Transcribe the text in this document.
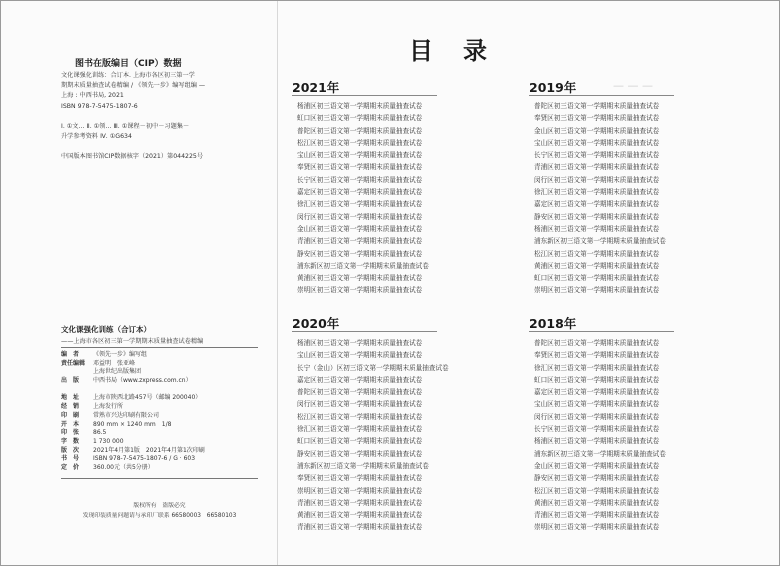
图书在版编目（CIP）数据
文化课强化训练：合订本. 上海市各区初三第一学
期期末质量抽查试卷精编 / 《领先一步》编写组编 —
上海 : 中西书局, 2021
ISBN 978-7-5475-1807-6
Ⅰ. ①文… Ⅱ. ①领… Ⅲ. ①课程－初中－习题集－
升学参考资料 Ⅳ. ①G634
中国版本图书馆CIP数据核字（2021）第044225号
文化课强化训练（合订本）
——上海市各区初三第一学期期末质量抽查试卷精编
编　者	《领先一步》编写组
责任编辑	邓益明　张亚峰
上海世纪出版集团
出　版	中西书局（www.zxpress.com.cn）
地　址	上海市陕西北路457号（邮编 200040）
经　销	上海发行所
印　刷	常熟市兴达印刷有限公司
开　本	890 mm × 1240 mm　1/8
印　张	86.5
字　数	1 730 000
版　次	2021年4月第1版　2021年4月第1次印刷
书　号	ISBN 978-7-5475-1807-6 / G · 603
定　价	360.00元（共5分册）
版权所有　盗版必究
发现印装质量问题请与承印厂联系 66580003　66580103
— — —
目录
2021年
杨浦区初三语文第一学期期末质量抽查试卷
虹口区初三语文第一学期期末质量抽查试卷
普陀区初三语文第一学期期末质量抽查试卷
松江区初三语文第一学期期末质量抽查试卷
宝山区初三语文第一学期期末质量抽查试卷
奉贤区初三语文第一学期期末质量抽查试卷
长宁区初三语文第一学期期末质量抽查试卷
嘉定区初三语文第一学期期末质量抽查试卷
徐汇区初三语文第一学期期末质量抽查试卷
闵行区初三语文第一学期期末质量抽查试卷
金山区初三语文第一学期期末质量抽查试卷
青浦区初三语文第一学期期末质量抽查试卷
静安区初三语文第一学期期末质量抽查试卷
浦东新区初三语文第一学期期末质量抽查试卷
黄浦区初三语文第一学期期末质量抽查试卷
崇明区初三语文第一学期期末质量抽查试卷
2019年
普陀区初三语文第一学期期末质量抽查试卷
奉贤区初三语文第一学期期末质量抽查试卷
金山区初三语文第一学期期末质量抽查试卷
宝山区初三语文第一学期期末质量抽查试卷
长宁区初三语文第一学期期末质量抽查试卷
青浦区初三语文第一学期期末质量抽查试卷
闵行区初三语文第一学期期末质量抽查试卷
徐汇区初三语文第一学期期末质量抽查试卷
嘉定区初三语文第一学期期末质量抽查试卷
静安区初三语文第一学期期末质量抽查试卷
杨浦区初三语文第一学期期末质量抽查试卷
浦东新区初三语文第一学期期末质量抽查试卷
松江区初三语文第一学期期末质量抽查试卷
黄浦区初三语文第一学期期末质量抽查试卷
虹口区初三语文第一学期期末质量抽查试卷
崇明区初三语文第一学期期末质量抽查试卷
2020年
杨浦区初三语文第一学期期末质量抽查试卷
宝山区初三语文第一学期期末质量抽查试卷
长宁（金山）区初三语文第一学期期末质量抽查试卷
嘉定区初三语文第一学期期末质量抽查试卷
普陀区初三语文第一学期期末质量抽查试卷
闵行区初三语文第一学期期末质量抽查试卷
松江区初三语文第一学期期末质量抽查试卷
徐汇区初三语文第一学期期末质量抽查试卷
虹口区初三语文第一学期期末质量抽查试卷
静安区初三语文第一学期期末质量抽查试卷
浦东新区初三语文第一学期期末质量抽查试卷
奉贤区初三语文第一学期期末质量抽查试卷
崇明区初三语文第一学期期末质量抽查试卷
青浦区初三语文第一学期期末质量抽查试卷
黄浦区初三语文第一学期期末质量抽查试卷
青浦区初三语文第一学期期末质量抽查试卷
2018年
普陀区初三语文第一学期期末质量抽查试卷
奉贤区初三语文第一学期期末质量抽查试卷
徐汇区初三语文第一学期期末质量抽查试卷
虹口区初三语文第一学期期末质量抽查试卷
嘉定区初三语文第一学期期末质量抽查试卷
宝山区初三语文第一学期期末质量抽查试卷
闵行区初三语文第一学期期末质量抽查试卷
长宁区初三语文第一学期期末质量抽查试卷
杨浦区初三语文第一学期期末质量抽查试卷
浦东新区初三语文第一学期期末质量抽查试卷
金山区初三语文第一学期期末质量抽查试卷
静安区初三语文第一学期期末质量抽查试卷
松江区初三语文第一学期期末质量抽查试卷
黄浦区初三语文第一学期期末质量抽查试卷
青浦区初三语文第一学期期末质量抽查试卷
崇明区初三语文第一学期期末质量抽查试卷
